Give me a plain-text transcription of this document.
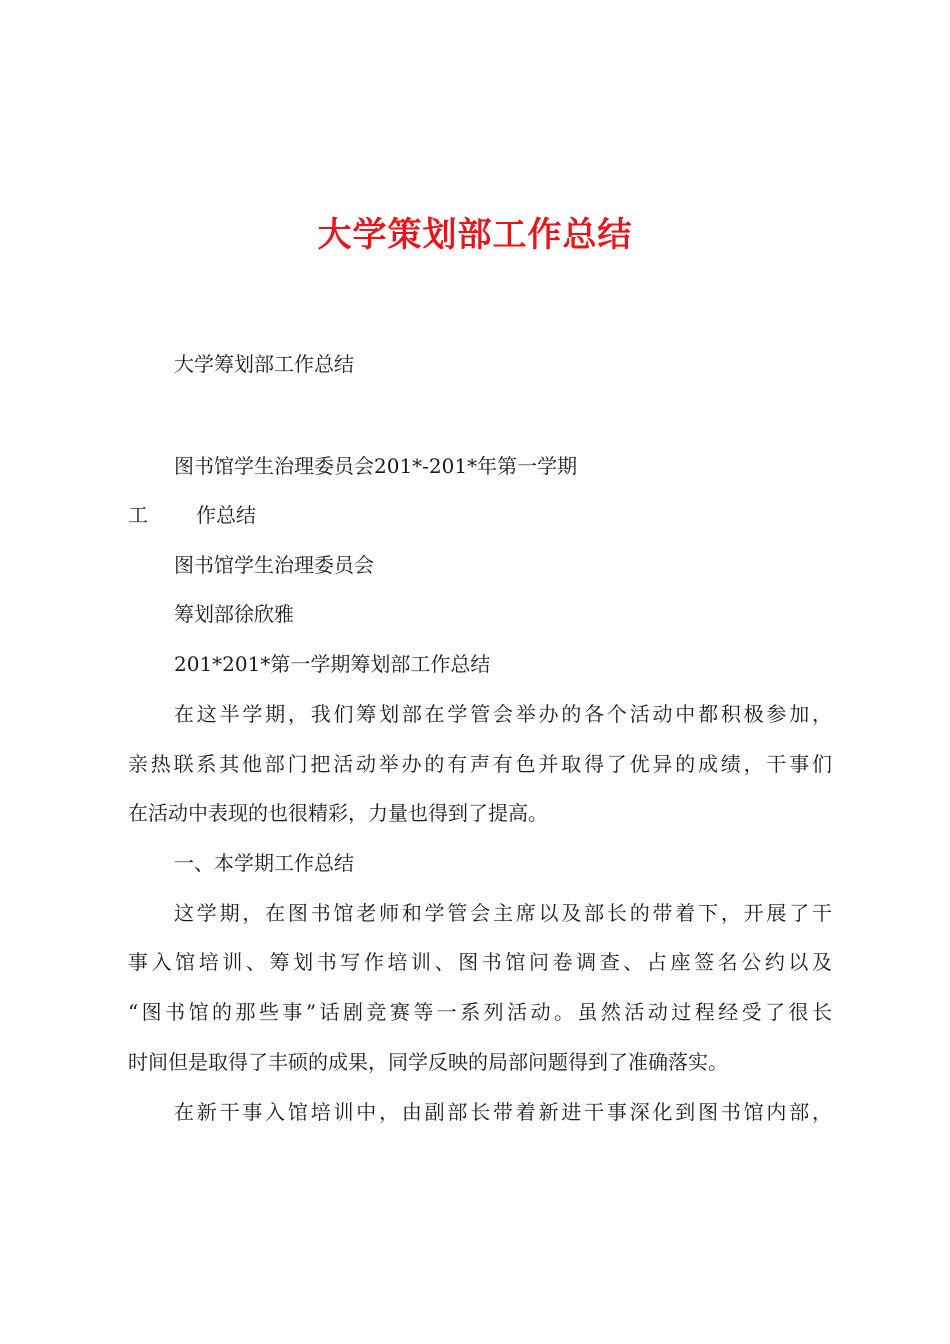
大学策划部工作总结
大学筹划部工作总结
图书馆学生治理委员会201*-201*年第一学期
工 作总结
图书馆学生治理委员会
筹划部徐欣雅
201*201*第一学期筹划部工作总结
在这半学期，我们筹划部在学管会举办的各个活动中都积极参加，
亲热联系其他部门把活动举办的有声有色并取得了优异的成绩，干事们
在活动中表现的也很精彩，力量也得到了提高。
一、本学期工作总结
这学期，在图书馆老师和学管会主席以及部长的带着下，开展了干
事入馆培训、筹划书写作培训、图书馆问卷调查、占座签名公约以及
“图书馆的那些事”话剧竞赛等一系列活动。虽然活动过程经受了很长
时间但是取得了丰硕的成果，同学反映的局部问题得到了准确落实。
在新干事入馆培训中，由副部长带着新进干事深化到图书馆内部，
